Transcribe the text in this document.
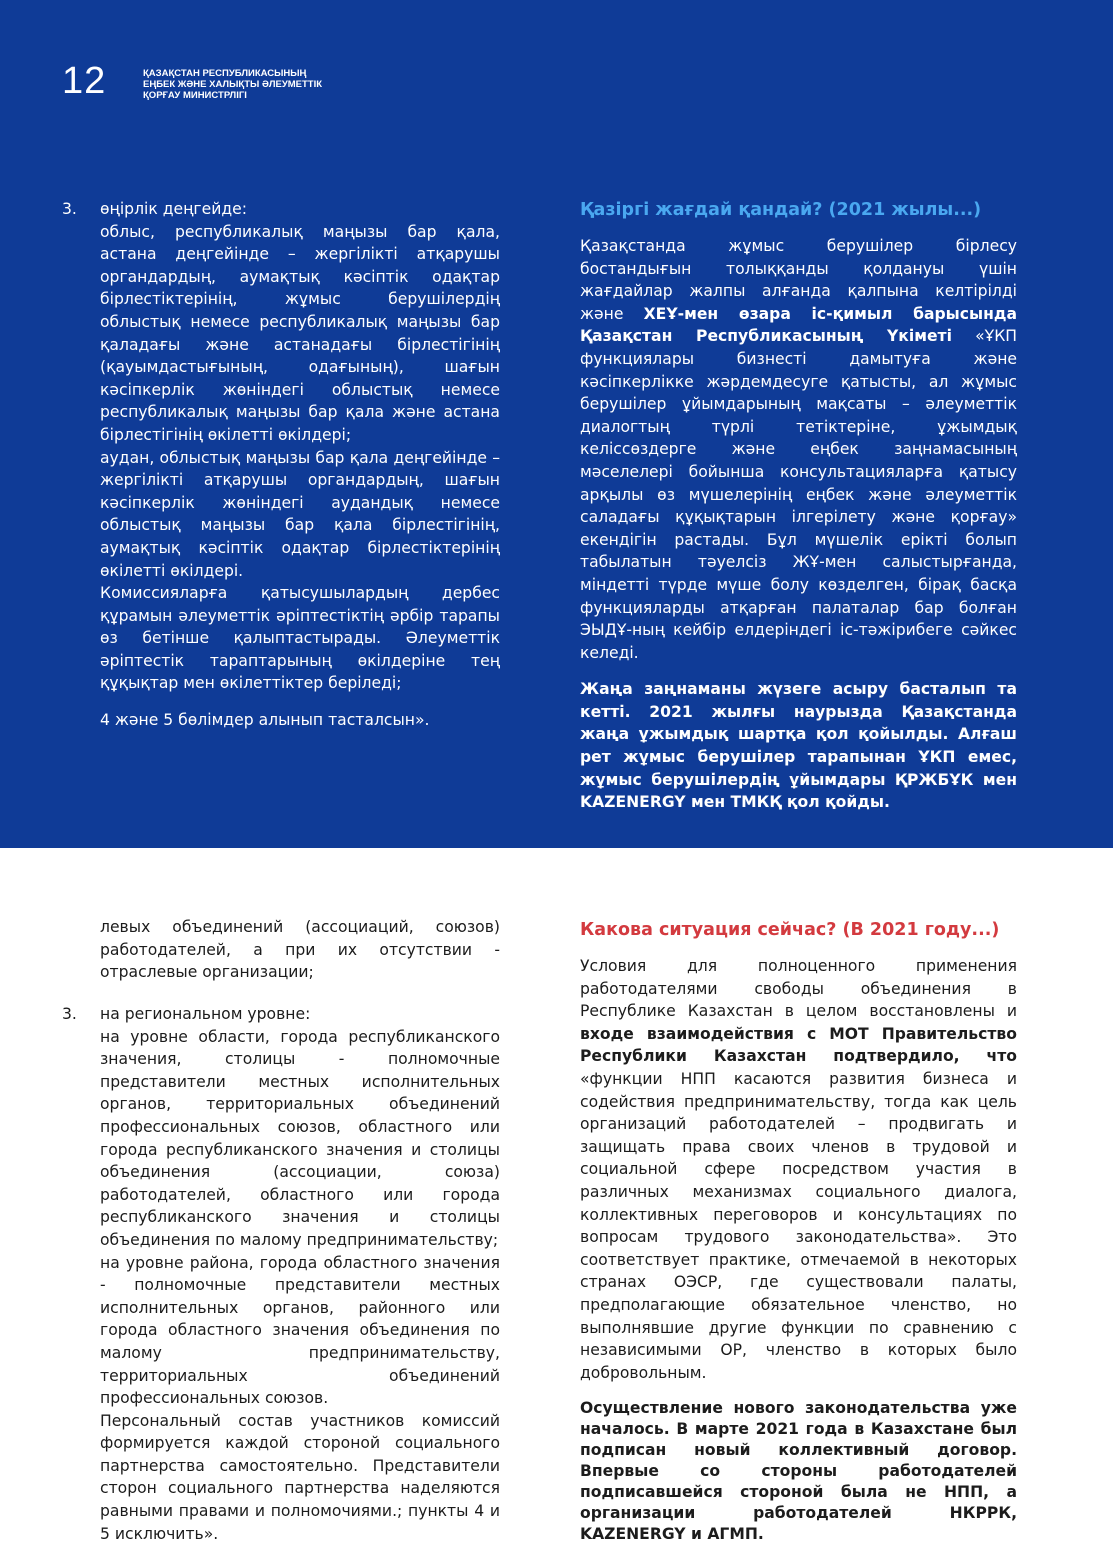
12	ҚАЗАҚСТАН РЕСПУБЛИКАСЫНЫҢ
ЕҢБЕК ЖӘНЕ ХАЛЫҚТЫ ӘЛЕУМЕТТІК
ҚОРҒАУ МИНИСТРЛІГІ
3. өңірлік деңгейде:

облыс, республикалық маңызы бар қала, астана деңгейінде – жергілікті атқарушы органдардың, аумақтық кәсіптік одақтар бірлестіктерінің, жұмыс берушілердің облыстық немесе республикалық маңызы бар қаладағы және астанадағы бірлестігінің (қауымдастығының, одағының), шағын кәсіпкерлік жөніндегі облыстық немесе республикалық маңызы бар қала және астана бірлестігінің өкілетті өкілдері;

аудан, облыстық маңызы бар қала деңгейінде – жергілікті атқарушы органдардың, шағын кәсіпкерлік жөніндегі аудандық немесе облыстық маңызы бар қала бірлестігінің, аумақтық кәсіптік одақтар бірлестіктерінің өкілетті өкілдері.

Комиссияларға қатысушылардың дербес құрамын әлеуметтік әріптестіктің әрбір тарапы өз бетінше қалыптастырады. Әлеуметтік әріптестік тараптарының өкілдеріне тең құқықтар мен өкілеттіктер беріледі;

4 және 5 бөлімдер алынып тасталсын».

Қазіргі жағдай қандай? (2021 жылы...)

Қазақстанда жұмыс берушілер бірлесу бостандығын толыққанды қолдануы үшін жағдайлар жалпы алғанда қалпына келтірілді және ХЕҰ-мен өзара іс-қимыл барысында Қазақстан Республикасының Үкіметі «ҰКП функциялары бизнесті дамытуға және кәсіпкерлікке жәрдемдесуге қатысты, ал жұмыс берушілер ұйымдарының мақсаты – әлеуметтік диалогтың түрлі тетіктеріне, ұжымдық келіссөздерге және еңбек заңнамасының мәселелері бойынша консультацияларға қатысу арқылы өз мүшелерінің еңбек және әлеуметтік саладағы құқықтарын ілгерілету және қорғау» екендігін растады. Бұл мүшелік ерікті болып табылатын тәуелсіз ЖҰ-мен салыстырғанда, міндетті түрде мүше болу көзделген, бірақ басқа функцияларды атқарған палаталар бар болған ЭЫДҰ-ның кейбір елдеріндегі іс-тәжірибеге сәйкес келеді.

Жаңа заңнаманы жүзеге асыру басталып та кетті. 2021 жылғы наурызда Қазақстанда жаңа ұжымдық шартқа қол қойылды. Алғаш рет жұмыс берушілер тарапынан ҰКП емес, жұмыс берушілердің ұйымдары ҚРЖБҰК мен KAZENERGY мен ТМКҚ қол қойды.

левых объединений (ассоциаций, союзов) работодателей, а при их отсутствии - отраслевые организации;
3. на региональном уровне:

на уровне области, города республиканского значения, столицы - полномочные представители местных исполнительных органов, территориальных объединений профессиональных союзов, областного или города республиканского значения и столицы объединения (ассоциации, союза) работодателей, областного или города республиканского значения и столицы объединения по малому предпринимательству;

на уровне района, города областного значения - полномочные представители местных исполнительных органов, районного или города областного значения объединения по малому предпринимательству, территориальных объединений профессиональных союзов.

Персональный состав участников комиссий формируется каждой стороной социального партнерства самостоятельно. Представители сторон социального партнерства наделяются равными правами и полномочиями.; пункты 4 и 5 исключить».

Какова ситуация сейчас? (В 2021 году...)

Условия для полноценного применения работодателями свободы объединения в Республике Казахстан в целом восстановлены и входе взаимодействия с МОТ Правительство Республики Казахстан подтвердило, что «функции НПП касаются развития бизнеса и содействия предпринимательству, тогда как цель организаций работодателей – продвигать и защищать права своих членов в трудовой и социальной сфере посредством участия в различных механизмах социального диалога, коллективных переговоров и консультациях по вопросам трудового законодательства». Это соответствует практике, отмечаемой в некоторых странах ОЭСР, где существовали палаты, предполагающие обязательное членство, но выполнявшие другие функции по сравнению с независимыми ОР, членство в которых было добровольным.

Осуществление нового законодательства уже началось. В марте 2021 года в Казахстане был подписан новый коллективный договор. Впервые со стороны работодателей подписавшейся стороной была не НПП, а организации работодателей НКРРК, KAZENERGY и АГМП.
